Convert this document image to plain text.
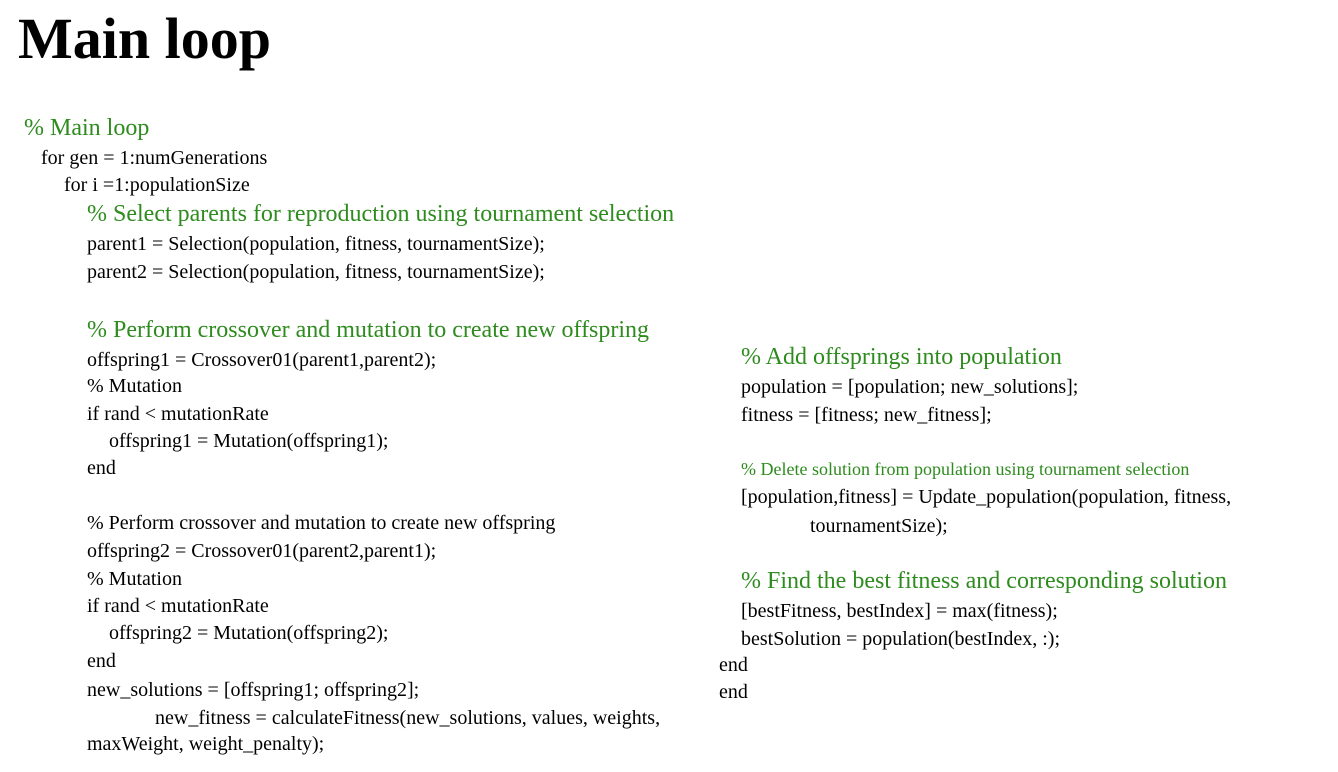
Main loop
% Main loop
for gen = 1:numGenerations
for i =1:populationSize
% Select parents for reproduction using tournament selection
parent1 = Selection(population, fitness, tournamentSize);
parent2 = Selection(population, fitness, tournamentSize);
% Perform crossover and mutation to create new offspring
offspring1 = Crossover01(parent1,parent2);
% Mutation
if rand < mutationRate
offspring1 = Mutation(offspring1);
end
% Perform crossover and mutation to create new offspring
offspring2 = Crossover01(parent2,parent1);
% Mutation
if rand < mutationRate
offspring2 = Mutation(offspring2);
end
new_solutions = [offspring1; offspring2];
new_fitness = calculateFitness(new_solutions, values, weights,
maxWeight, weight_penalty);
% Add offsprings into population
population = [population; new_solutions];
fitness = [fitness; new_fitness];
% Delete solution from population using tournament selection
[population,fitness] = Update_population(population, fitness,
tournamentSize);
% Find the best fitness and corresponding solution
[bestFitness, bestIndex] = max(fitness);
bestSolution = population(bestIndex, :);
end
end
